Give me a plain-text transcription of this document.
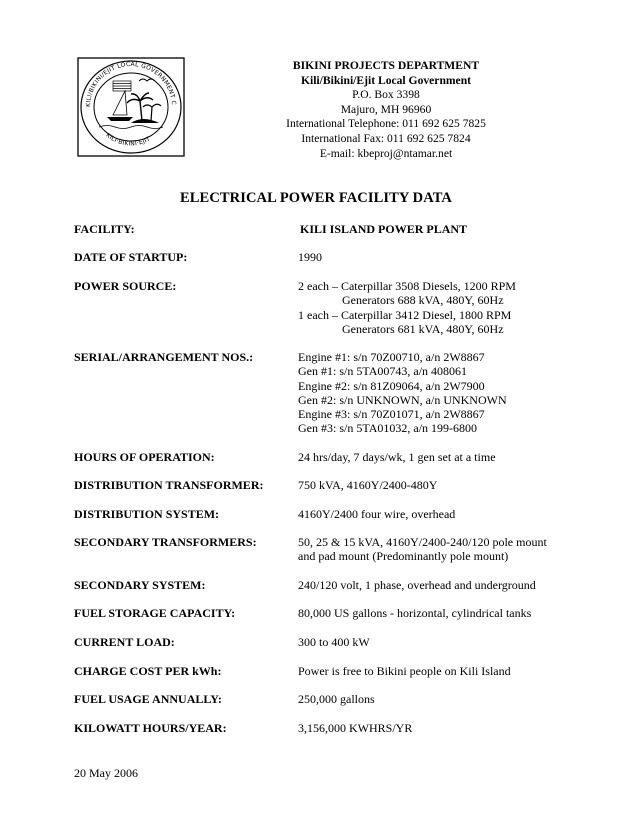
KILI/BIKINI/EJIT LOCAL GOVERNMENT C
KILI·BIKINI·EJIT
BIKINI PROJECTS DEPARTMENT
Kili/Bikini/Ejit Local Government
P.O. Box 3398
Majuro, MH 96960
International Telephone: 011 692 625 7825
International Fax: 011 692 625 7824
E-mail: kbeproj@ntamar.net
ELECTRICAL POWER FACILITY DATA
FACILITY:	KILI ISLAND POWER PLANT
DATE OF STARTUP:	1990
POWER SOURCE:	2 each – Caterpillar 3508 Diesels, 1200 RPM
Generators 688 kVA, 480Y, 60Hz
1 each – Caterpillar 3412 Diesel, 1800 RPM
Generators 681 kVA, 480Y, 60Hz
SERIAL/ARRANGEMENT NOS.:	Engine #1: s/n 70Z00710, a/n 2W8867
Gen #1: s/n 5TA00743, a/n 408061
Engine #2: s/n 81Z09064, a/n 2W7900
Gen #2: s/n UNKNOWN, a/n UNKNOWN
Engine #3: s/n 70Z01071, a/n 2W8867
Gen #3: s/n 5TA01032, a/n 199-6800
HOURS OF OPERATION:	24 hrs/day, 7 days/wk, 1 gen set at a time
DISTRIBUTION TRANSFORMER:	750 kVA, 4160Y/2400-480Y
DISTRIBUTION SYSTEM:	4160Y/2400 four wire, overhead
SECONDARY TRANSFORMERS:	50, 25 & 15 kVA, 4160Y/2400-240/120 pole mount
and pad mount (Predominantly pole mount)
SECONDARY SYSTEM:	240/120 volt, 1 phase, overhead and underground
FUEL STORAGE CAPACITY:	80,000 US gallons - horizontal, cylindrical tanks
CURRENT LOAD:	300 to 400 kW
CHARGE COST PER kWh:	Power is free to Bikini people on Kili Island
FUEL USAGE ANNUALLY:	250,000 gallons
KILOWATT HOURS/YEAR:	3,156,000 KWHRS/YR
20 May 2006
